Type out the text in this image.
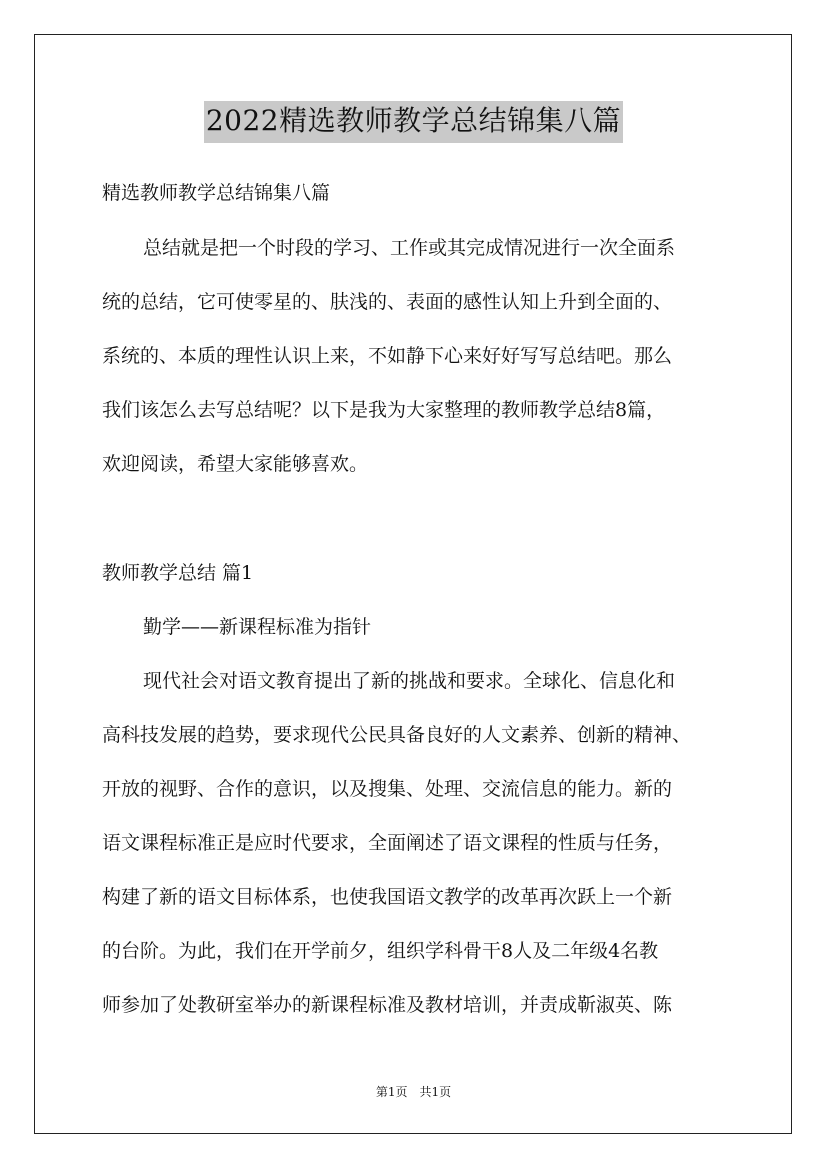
2022精选教师教学总结锦集八篇

精选教师教学总结锦集八篇

总结就是把一个时段的学习、工作或其完成情况进行一次全面系

统的总结，它可使零星的、肤浅的、表面的感性认知上升到全面的、

系统的、本质的理性认识上来，不如静下心来好好写写总结吧。那么

我们该怎么去写总结呢？以下是我为大家整理的教师教学总结8篇，

欢迎阅读，希望大家能够喜欢。

教师教学总结 篇1

勤学——新课程标准为指针

现代社会对语文教育提出了新的挑战和要求。全球化、信息化和

高科技发展的趋势，要求现代公民具备良好的人文素养、创新的精神、

开放的视野、合作的意识，以及搜集、处理、交流信息的能力。新的

语文课程标准正是应时代要求，全面阐述了语文课程的性质与任务，

构建了新的语文目标体系，也使我国语文教学的改革再次跃上一个新

的台阶。为此，我们在开学前夕，组织学科骨干8人及二年级4名教

师参加了处教研室举办的新课程标准及教材培训，并责成靳淑英、陈

第1页　共1页
